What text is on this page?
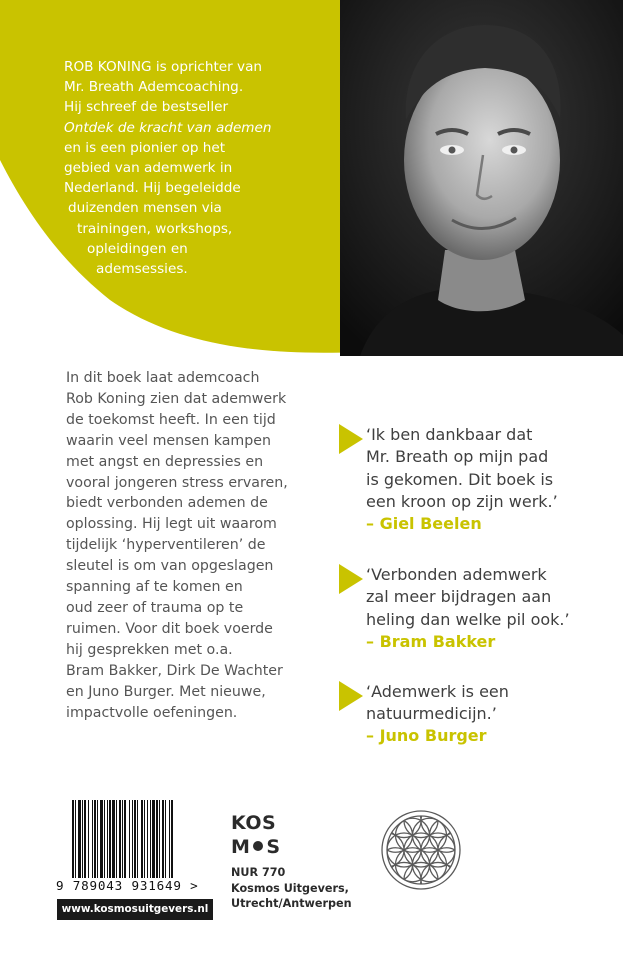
ROB KONING is oprichter van
Mr. Breath Ademcoaching.
Hij schreef de bestseller
Ontdek de kracht van ademen
en is een pionier op het
gebied van ademwerk in
Nederland. Hij begeleidde
duizenden mensen via
trainingen, workshops,
opleidingen en
ademsessies.
In dit boek laat ademcoach
Rob Koning zien dat ademwerk
de toekomst heeft. In een tijd
waarin veel mensen kampen
met angst en depressies en
vooral jongeren stress ervaren,
biedt verbonden ademen de
oplossing. Hij legt uit waarom
tijdelijk ‘hyperventileren’ de
sleutel is om van opgeslagen
spanning af te komen en
oud zeer of trauma op te
ruimen. Voor dit boek voerde
hij gesprekken met o.a.
Bram Bakker, Dirk De Wachter
en Juno Burger. Met nieuwe,
impactvolle oefeningen.
‘Ik ben dankbaar dat
Mr. Breath op mijn pad
is gekomen. Dit boek is
een kroon op zijn werk.’
– Giel Beelen
‘Verbonden ademwerk
zal meer bijdragen aan
heling dan welke pil ook.’
– Bram Bakker
‘Ademwerk is een
natuurmedicijn.’
– Juno Burger
9 789043 931649 >
www.kosmosuitgevers.nl
KOS
M S
NUR 770
Kosmos Uitgevers,
Utrecht/Antwerpen
